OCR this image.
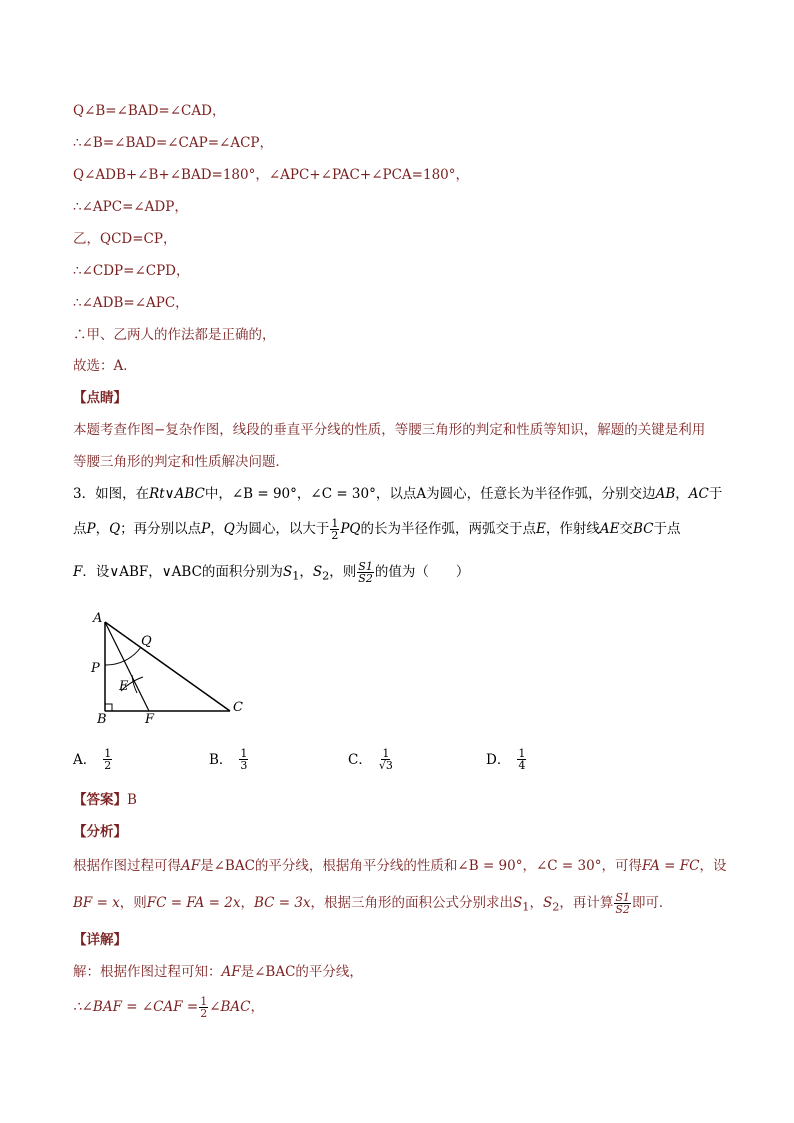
Q∠B=∠BAD=∠CAD，
∴∠B=∠BAD=∠CAP=∠ACP，
Q∠ADB+∠B+∠BAD=180°，∠APC+∠PAC+∠PCA=180°，
∴∠APC=∠ADP，
乙，QCD=CP，
∴∠CDP=∠CPD，
∴∠ADB=∠APC，
∴甲、乙两人的作法都是正确的，
故选：A．
【点睛】
本题考查作图−复杂作图，线段的垂直平分线的性质，等腰三角形的判定和性质等知识，解题的关键是利用
等腰三角形的判定和性质解决问题．
3．如图，在Rt∨ABC中，∠B = 90°，∠C = 30°，以点A为圆心，任意长为半径作弧，分别交边AB，AC于
点P，Q；再分别以点P，Q为圆心，以大于 $\frac{1}{2}$ PQ的长为半径作弧，两弧交于点E，作射线AE交BC于点
F．设∨ABF，∨ABC的面积分别为$S_1$，$S_2$，则 $\frac{S1}{S2}$ 的值为（　　）
A
Q
P
E
B	F
C
A． $\frac{1}{2}$	B． $\frac{1}{3}$	C． $\frac{1}{√3}$	D． $\frac{1}{4}$
【答案】B
【分析】
根据作图过程可得AF是∠BAC的平分线，根据角平分线的性质和∠B = 90°，∠C = 30°，可得FA = FC，设
BF = x，则FC = FA = 2x，BC = 3x，根据三角形的面积公式分别求出$S_1$，$S_2$，再计算 $\frac{S1}{S2}$ 即可．
【详解】
解：根据作图过程可知：AF是∠BAC的平分线，
∴∠BAF = ∠CAF = $\frac{1}{2}$ ∠BAC，
